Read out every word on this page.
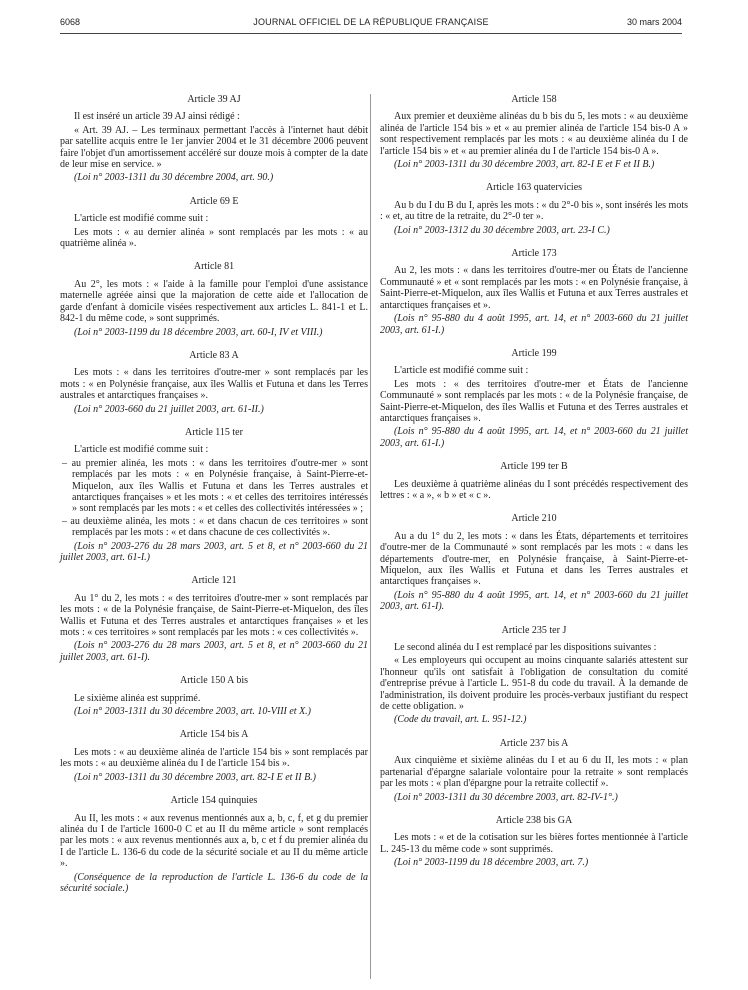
6068	JOURNAL OFFICIEL DE LA RÉPUBLIQUE FRANÇAISE	30 mars 2004
Article 39 AJ

Il est inséré un article 39 AJ ainsi rédigé :

« Art. 39 AJ. – Les terminaux permettant l'accès à l'internet haut débit par satellite acquis entre le 1er janvier 2004 et le 31 décembre 2006 peuvent faire l'objet d'un amortissement accéléré sur douze mois à compter de la date de leur mise en service. »

(Loi n° 2003-1311 du 30 décembre 2004, art. 90.)

Article 69 E

L'article est modifié comme suit :

Les mots : « au dernier alinéa » sont remplacés par les mots : « au quatrième alinéa ».

Article 81

Au 2°, les mots : « l'aide à la famille pour l'emploi d'une assistance maternelle agréée ainsi que la majoration de cette aide et l'allocation de garde d'enfant à domicile visées respectivement aux articles L. 841-1 et L. 842-1 du même code, » sont supprimés.

(Loi n° 2003-1199 du 18 décembre 2003, art. 60-I, IV et VIII.)

Article 83 A

Les mots : « dans les territoires d'outre-mer » sont remplacés par les mots : « en Polynésie française, aux îles Wallis et Futuna et dans les Terres australes et antarctiques françaises ».

(Loi n° 2003-660 du 21 juillet 2003, art. 61-II.)

Article 115 ter

L'article est modifié comme suit :

– au premier alinéa, les mots : « dans les territoires d'outre-mer » sont remplacés par les mots : « en Polynésie française, à Saint-Pierre-et-Miquelon, aux îles Wallis et Futuna et dans les Terres australes et antarctiques françaises » et les mots : « et celles des territoires intéressés » sont remplacés par les mots : « et celles des collectivités intéressées » ;

– au deuxième alinéa, les mots : « et dans chacun de ces territoires » sont remplacés par les mots : « et dans chacune de ces collectivités ».

(Lois n° 2003-276 du 28 mars 2003, art. 5 et 8, et n° 2003-660 du 21 juillet 2003, art. 61-I.)

Article 121

Au 1° du 2, les mots : « des territoires d'outre-mer » sont remplacés par les mots : « de la Polynésie française, de Saint-Pierre-et-Miquelon, des îles Wallis et Futuna et des Terres australes et antarctiques françaises » et les mots : « ces territoires » sont remplacés par les mots : « ces collectivités ».

(Lois n° 2003-276 du 28 mars 2003, art. 5 et 8, et n° 2003-660 du 21 juillet 2003, art. 61-I).

Article 150 A bis

Le sixième alinéa est supprimé.

(Loi n° 2003-1311 du 30 décembre 2003, art. 10-VIII et X.)

Article 154 bis A

Les mots : « au deuxième alinéa de l'article 154 bis » sont remplacés par les mots : « au deuxième alinéa du I de l'article 154 bis ».

(Loi n° 2003-1311 du 30 décembre 2003, art. 82-I E et II B.)

Article 154 quinquies

Au II, les mots : « aux revenus mentionnés aux a, b, c, f, et g du premier alinéa du I de l'article 1600-0 C et au II du même article » sont remplacés par les mots : « aux revenus mentionnés aux a, b, c et f du premier alinéa du I de l'article L. 136-6 du code de la sécurité sociale et au II du même article ».

(Conséquence de la reproduction de l'article L. 136-6 du code de la sécurité sociale.)

Article 158

Aux premier et deuxième alinéas du b bis du 5, les mots : « au deuxième alinéa de l'article 154 bis » et « au premier alinéa de l'article 154 bis-0 A » sont respectivement remplacés par les mots : « au deuxième alinéa du I de l'article 154 bis » et « au premier alinéa du I de l'article 154 bis-0 A ».

(Loi n° 2003-1311 du 30 décembre 2003, art. 82-I E et F et II B.)

Article 163 quatervicies

Au b du I du B du I, après les mots : « du 2°-0 bis », sont insérés les mots : « et, au titre de la retraite, du 2°-0 ter ».

(Loi n° 2003-1312 du 30 décembre 2003, art. 23-I C.)

Article 173

Au 2, les mots : « dans les territoires d'outre-mer ou États de l'ancienne Communauté » et « sont remplacés par les mots : « en Polynésie française, à Saint-Pierre-et-Miquelon, aux îles Wallis et Futuna et aux Terres australes et antarctiques françaises et ».

(Lois n° 95-880 du 4 août 1995, art. 14, et n° 2003-660 du 21 juillet 2003, art. 61-I.)

Article 199

L'article est modifié comme suit :

Les mots : « des territoires d'outre-mer et États de l'ancienne Communauté » sont remplacés par les mots : « de la Polynésie française, de Saint-Pierre-et-Miquelon, des îles Wallis et Futuna et des Terres australes et antarctiques françaises ».

(Lois n° 95-880 du 4 août 1995, art. 14, et n° 2003-660 du 21 juillet 2003, art. 61-I.)

Article 199 ter B

Les deuxième à quatrième alinéas du I sont précédés respectivement des lettres : « a », « b » et « c ».

Article 210

Au a du 1° du 2, les mots : « dans les États, départements et territoires d'outre-mer de la Communauté » sont remplacés par les mots : « dans les départements d'outre-mer, en Polynésie française, à Saint-Pierre-et-Miquelon, aux îles Wallis et Futuna et dans les Terres australes et antarctiques françaises ».

(Lois n° 95-880 du 4 août 1995, art. 14, et n° 2003-660 du 21 juillet 2003, art. 61-I).

Article 235 ter J

Le second alinéa du I est remplacé par les dispositions suivantes :

« Les employeurs qui occupent au moins cinquante salariés attestent sur l'honneur qu'ils ont satisfait à l'obligation de consultation du comité d'entreprise prévue à l'article L. 951-8 du code du travail. À la demande de l'administration, ils doivent produire les procès-verbaux justifiant du respect de cette obligation. »

(Code du travail, art. L. 951-12.)

Article 237 bis A

Aux cinquième et sixième alinéas du I et au 6 du II, les mots : « plan partenarial d'épargne salariale volontaire pour la retraite » sont remplacés par les mots : « plan d'épargne pour la retraite collectif ».

(Loi n° 2003-1311 du 30 décembre 2003, art. 82-IV-1°.)

Article 238 bis GA

Les mots : « et de la cotisation sur les bières fortes mentionnée à l'article L. 245-13 du même code » sont supprimés.

(Loi n° 2003-1199 du 18 décembre 2003, art. 7.)
